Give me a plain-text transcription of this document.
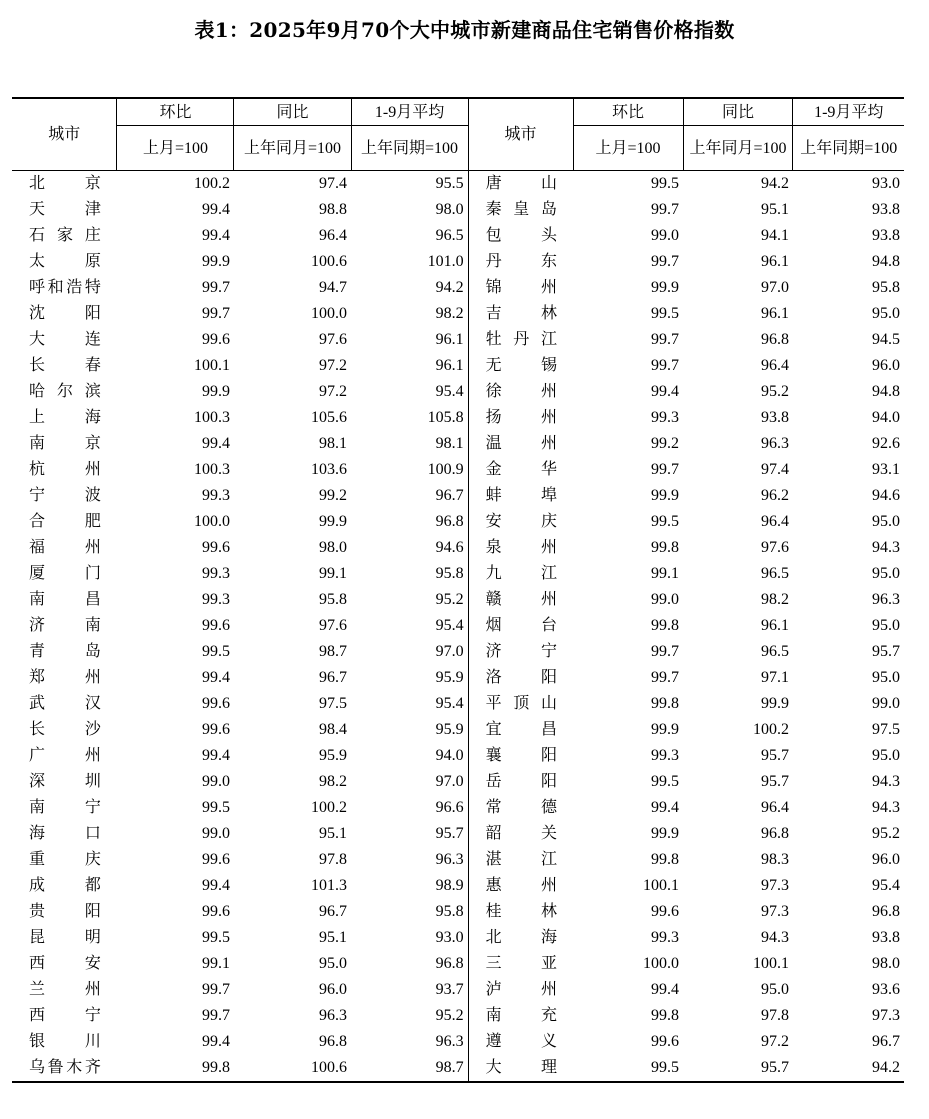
表1：2025年9月70个大中城市新建商品住宅销售价格指数
城市	环比	同比	1-9月平均	城市	环比	同比	1-9月平均
	上月=100	上年同月=100	上年同期=100		上月=100	上年同月=100	上年同期=100
北京	100.2	97.4	95.5	唐山	99.5	94.2	93.0
天津	99.4	98.8	98.0	秦皇岛	99.7	95.1	93.8
石家庄	99.4	96.4	96.5	包头	99.0	94.1	93.8
太原	99.9	100.6	101.0	丹东	99.7	96.1	94.8
呼和浩特	99.7	94.7	94.2	锦州	99.9	97.0	95.8
沈阳	99.7	100.0	98.2	吉林	99.5	96.1	95.0
大连	99.6	97.6	96.1	牡丹江	99.7	96.8	94.5
长春	100.1	97.2	96.1	无锡	99.7	96.4	96.0
哈尔滨	99.9	97.2	95.4	徐州	99.4	95.2	94.8
上海	100.3	105.6	105.8	扬州	99.3	93.8	94.0
南京	99.4	98.1	98.1	温州	99.2	96.3	92.6
杭州	100.3	103.6	100.9	金华	99.7	97.4	93.1
宁波	99.3	99.2	96.7	蚌埠	99.9	96.2	94.6
合肥	100.0	99.9	96.8	安庆	99.5	96.4	95.0
福州	99.6	98.0	94.6	泉州	99.8	97.6	94.3
厦门	99.3	99.1	95.8	九江	99.1	96.5	95.0
南昌	99.3	95.8	95.2	赣州	99.0	98.2	96.3
济南	99.6	97.6	95.4	烟台	99.8	96.1	95.0
青岛	99.5	98.7	97.0	济宁	99.7	96.5	95.7
郑州	99.4	96.7	95.9	洛阳	99.7	97.1	95.0
武汉	99.6	97.5	95.4	平顶山	99.8	99.9	99.0
长沙	99.6	98.4	95.9	宜昌	99.9	100.2	97.5
广州	99.4	95.9	94.0	襄阳	99.3	95.7	95.0
深圳	99.0	98.2	97.0	岳阳	99.5	95.7	94.3
南宁	99.5	100.2	96.6	常德	99.4	96.4	94.3
海口	99.0	95.1	95.7	韶关	99.9	96.8	95.2
重庆	99.6	97.8	96.3	湛江	99.8	98.3	96.0
成都	99.4	101.3	98.9	惠州	100.1	97.3	95.4
贵阳	99.6	96.7	95.8	桂林	99.6	97.3	96.8
昆明	99.5	95.1	93.0	北海	99.3	94.3	93.8
西安	99.1	95.0	96.8	三亚	100.0	100.1	98.0
兰州	99.7	96.0	93.7	泸州	99.4	95.0	93.6
西宁	99.7	96.3	95.2	南充	99.8	97.8	97.3
银川	99.4	96.8	96.3	遵义	99.6	97.2	96.7
乌鲁木齐	99.8	100.6	98.7	大理	99.5	95.7	94.2
